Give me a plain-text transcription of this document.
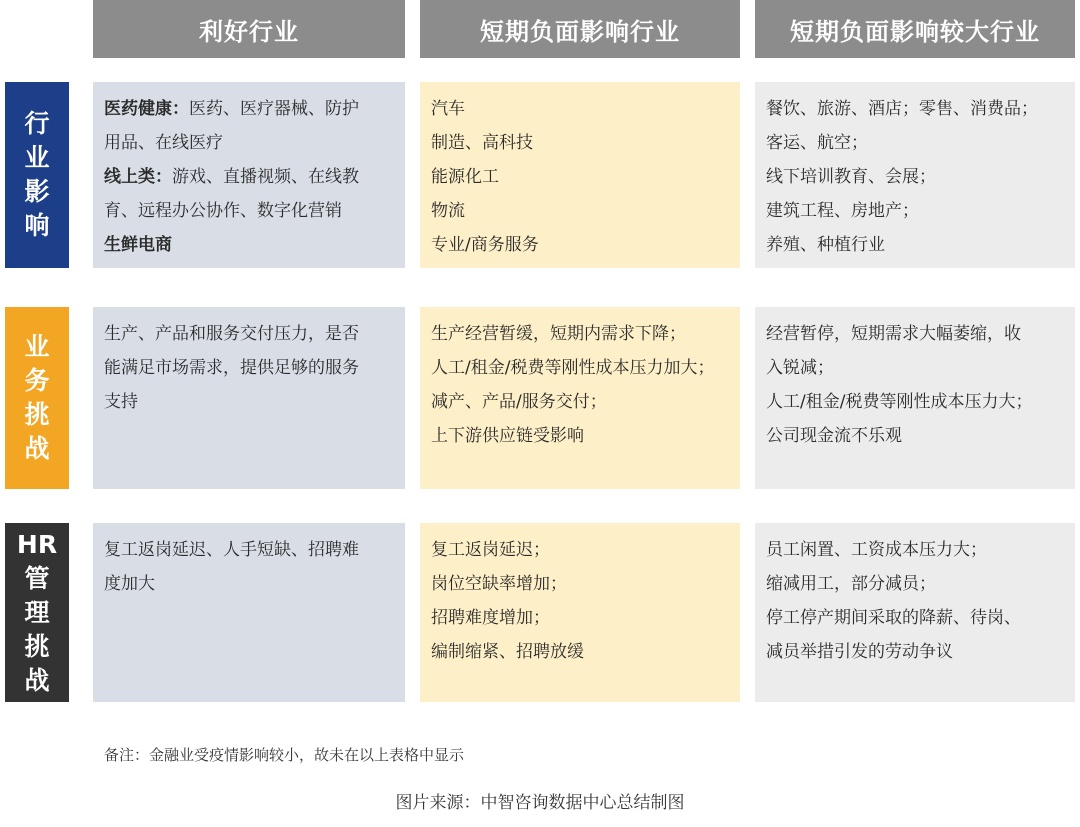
利好行业	短期负面影响行业	短期负面影响较大行业
行
业
影
响
业
务
挑
战
HR
管
理
挑
战
医药健康：医药、医疗器械、防护
用品、在线医疗
线上类：游戏、直播视频、在线教
育、远程办公协作、数字化营销
生鲜电商
汽车
制造、高科技
能源化工
物流
专业/商务服务
餐饮、旅游、酒店；零售、消费品；
客运、航空；
线下培训教育、会展；
建筑工程、房地产；
养殖、种植行业
生产、产品和服务交付压力，是否
能满足市场需求，提供足够的服务
支持
生产经营暂缓，短期内需求下降；
人工/租金/税费等刚性成本压力加大；
减产、产品/服务交付；
上下游供应链受影响
经营暂停，短期需求大幅萎缩，收
入锐减；
人工/租金/税费等刚性成本压力大；
公司现金流不乐观
复工返岗延迟、人手短缺、招聘难
度加大
复工返岗延迟；
岗位空缺率增加；
招聘难度增加；
编制缩紧、招聘放缓
员工闲置、工资成本压力大；
缩减用工，部分减员；
停工停产期间采取的降薪、待岗、
减员举措引发的劳动争议
备注：金融业受疫情影响较小，故未在以上表格中显示
图片来源：中智咨询数据中心总结制图
